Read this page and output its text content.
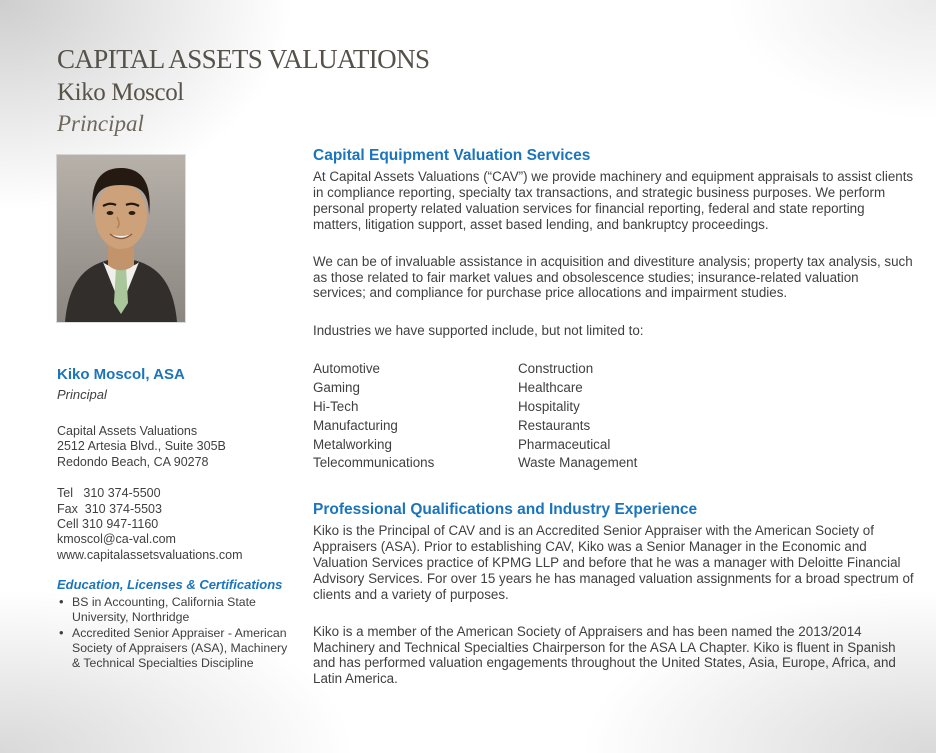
CAPITAL ASSETS VALUATIONS
Kiko Moscol
Principal
Kiko Moscol, ASA
Principal
Capital Assets Valuations
2512 Artesia Blvd., Suite 305B
Redondo Beach, CA 90278
Tel   310 374-5500
Fax  310 374-5503
Cell 310 947-1160
kmoscol@ca-val.com
www.capitalassetsvaluations.com
Education, Licenses & Certifications
• BS in Accounting, California State University, Northridge
• Accredited Senior Appraiser - American Society of Appraisers (ASA), Machinery & Technical Specialties Discipline
Capital Equipment Valuation Services

At Capital Assets Valuations (“CAV”) we provide machinery and equipment appraisals to assist clients in compliance reporting, specialty tax transactions, and strategic business purposes. We perform personal property related valuation services for financial reporting, federal and state reporting matters, litigation support, asset based lending, and bankruptcy proceedings.

We can be of invaluable assistance in acquisition and divestiture analysis; property tax analysis, such as those related to fair market values and obsolescence studies; insurance-related valuation services; and compliance for purchase price allocations and impairment studies.

Industries we have supported include, but not limited to:
Automotive
Gaming
Hi-Tech
Manufacturing
Metalworking
Telecommunications
Construction
Healthcare
Hospitality
Restaurants
Pharmaceutical
Waste Management
Professional Qualifications and Industry Experience

Kiko is the Principal of CAV and is an Accredited Senior Appraiser with the American Society of Appraisers (ASA). Prior to establishing CAV, Kiko was a Senior Manager in the Economic and Valuation Services practice of KPMG LLP and before that he was a manager with Deloitte Financial Advisory Services. For over 15 years he has managed valuation assignments for a broad spectrum of clients and a variety of purposes.

Kiko is a member of the American Society of Appraisers and has been named the 2013/2014 Machinery and Technical Specialties Chairperson for the ASA LA Chapter. Kiko is fluent in Spanish and has performed valuation engagements throughout the United States, Asia, Europe, Africa, and Latin America.
